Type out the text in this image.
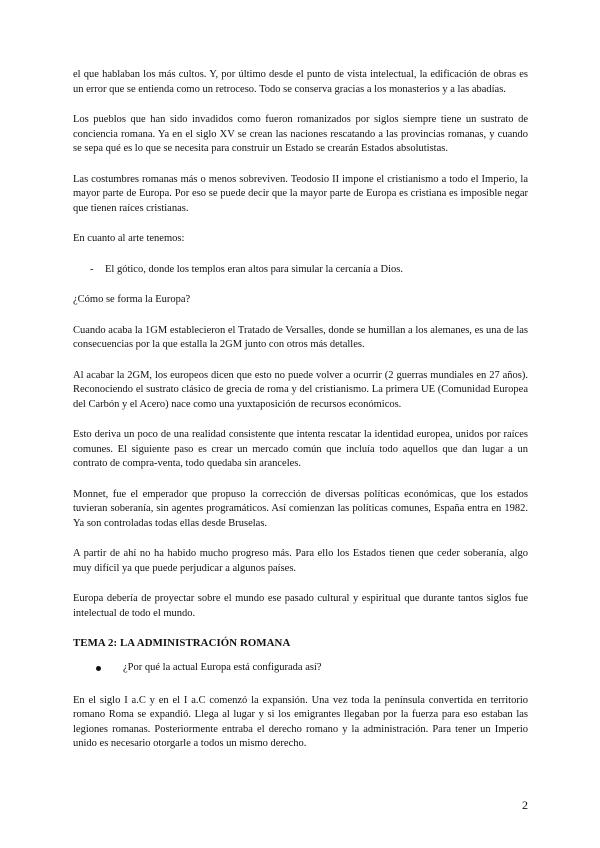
el que hablaban los más cultos. Y, por último desde el punto de vista intelectual, la edificación de obras es un error que se entienda como un retroceso. Todo se conserva gracias a los monasterios y a las abadías.

Los pueblos que han sido invadidos como fueron romanizados por siglos siempre tiene un sustrato de conciencia romana. Ya en el siglo XV se crean las naciones rescatando a las provincias romanas, y cuando se sepa qué es lo que se necesita para construir un Estado se crearán Estados absolutistas.

Las costumbres romanas más o menos sobreviven. Teodosio II impone el cristianismo a todo el Imperio, la mayor parte de Europa. Por eso se puede decir que la mayor parte de Europa es cristiana es imposible negar que tienen raíces cristianas.

En cuanto al arte tenemos:

- El gótico, donde los templos eran altos para simular la cercanía a Dios.

¿Cómo se forma la Europa?

Cuando acaba la 1GM establecieron el Tratado de Versalles, donde se humillan a los alemanes, es una de las consecuencias por la que estalla la 2GM junto con otros más detalles.

Al acabar la 2GM, los europeos dicen que esto no puede volver a ocurrir (2 guerras mundiales en 27 años). Reconociendo el sustrato clásico de grecia de roma y del cristianismo. La primera UE (Comunidad Europea del Carbón y el Acero) nace como una yuxtaposición de recursos económicos.

Esto deriva un poco de una realidad consistente que intenta rescatar la identidad europea, unidos por raíces comunes. El siguiente paso es crear un mercado común que incluía todo aquellos que dan lugar a un contrato de compra-venta, todo quedaba sin aranceles.

Monnet, fue el emperador que propuso la corrección de diversas políticas económicas, que los estados tuvieran soberanía, sin agentes programáticos. Así comienzan las políticas comunes, España entra en 1982. Ya son controladas todas ellas desde Bruselas.

A partir de ahí no ha habido mucho progreso más. Para ello los Estados tienen que ceder soberanía, algo muy difícil ya que puede perjudicar a algunos países.

Europa debería de proyectar sobre el mundo ese pasado cultural y espiritual que durante tantos siglos fue intelectual de todo el mundo.

TEMA 2: LA ADMINISTRACIÓN ROMANA
¿Por qué la actual Europa está configurada así?

En el siglo I a.C y en el I a.C comenzó la expansión. Una vez toda la península convertida en territorio romano Roma se expandió. Llega al lugar y si los emigrantes llegaban por la fuerza para eso estaban las legiones romanas. Posteriormente entraba el derecho romano y la administración. Para tener un Imperio unido es necesario otorgarle a todos un mismo derecho.

2
